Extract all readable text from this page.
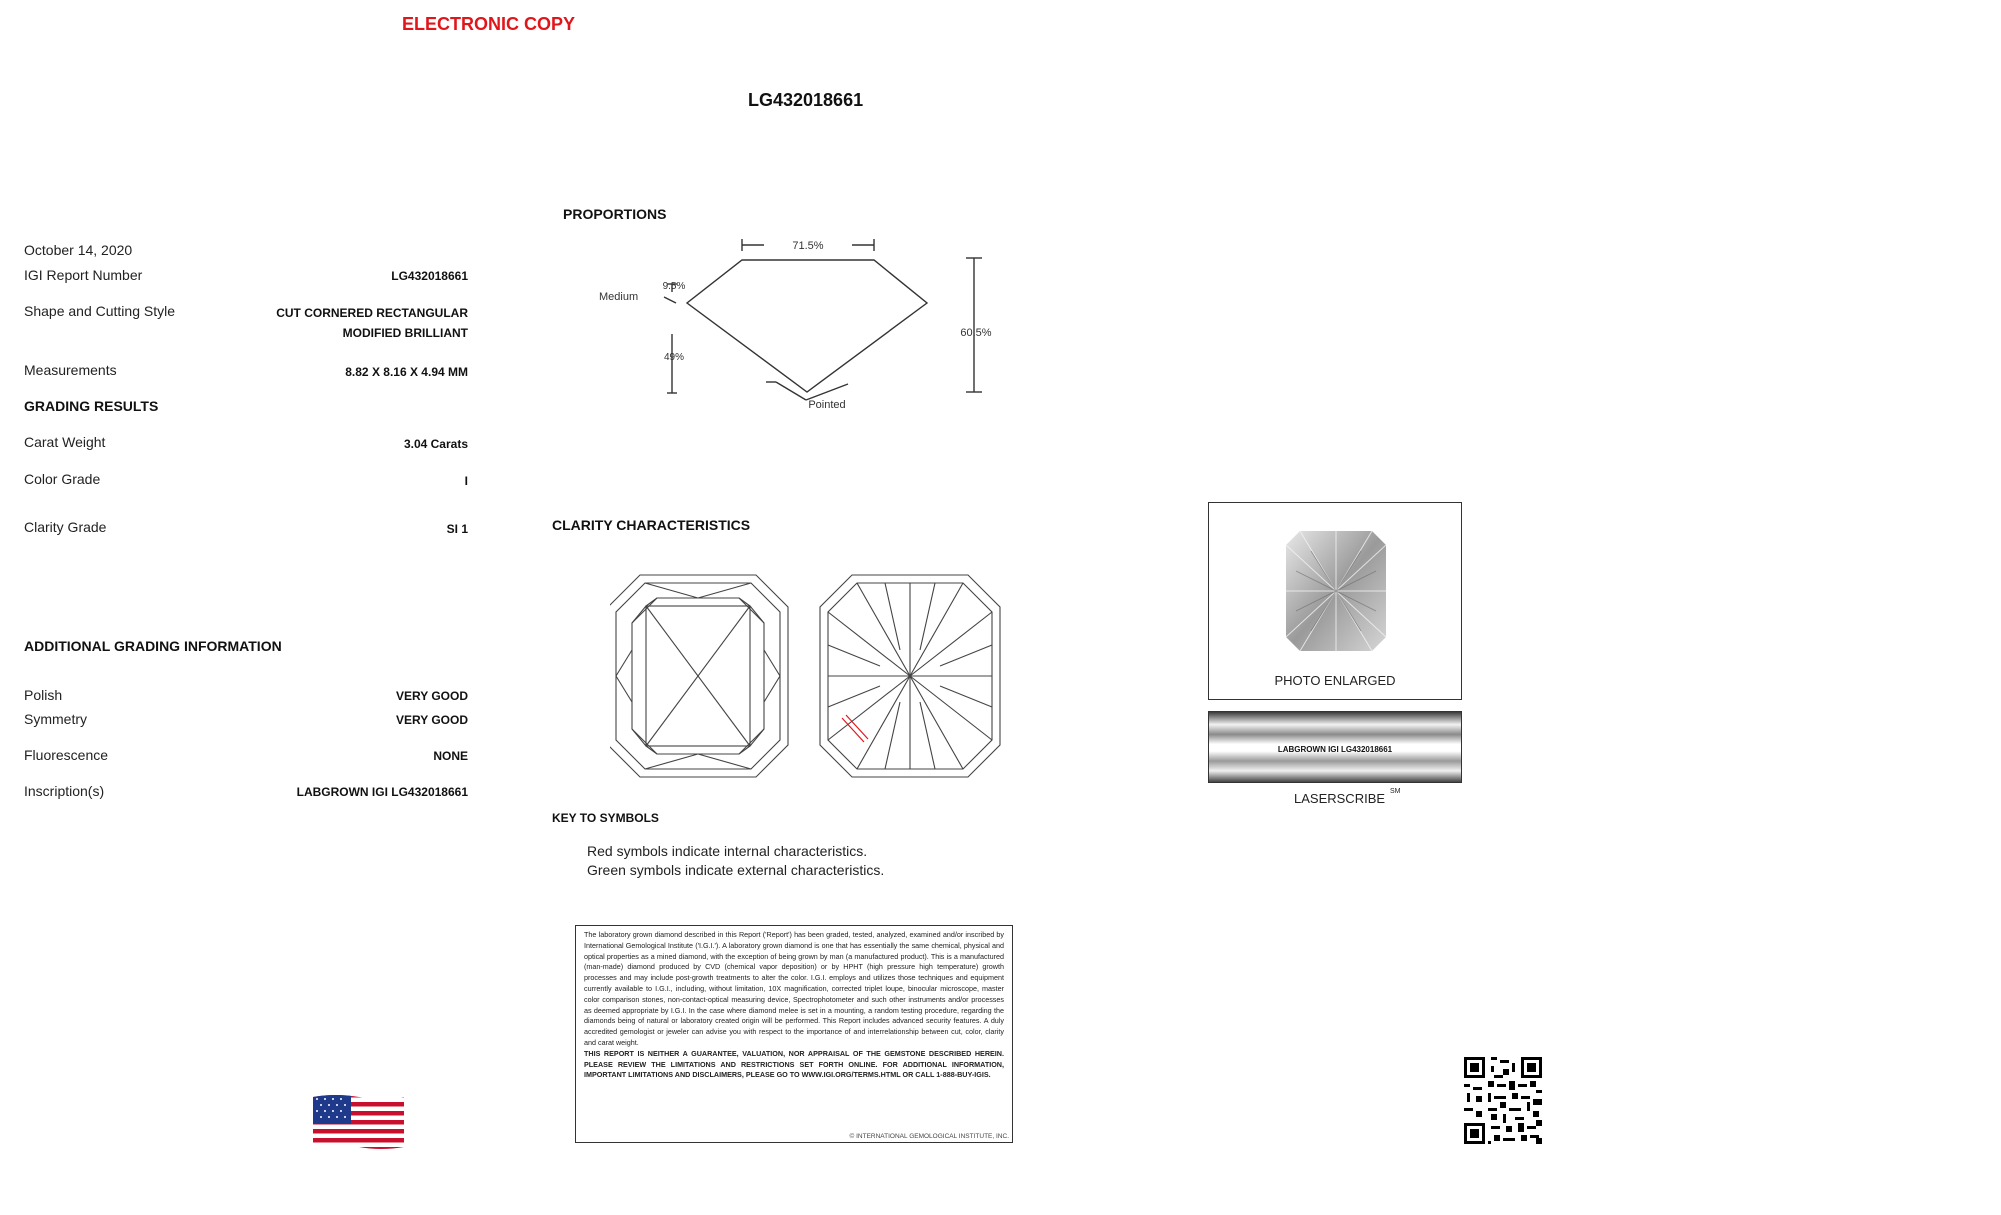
ELECTRONIC COPY
LG432018661
October 14, 2020
IGI Report Number	LG432018661
Shape and Cutting Style	CUT CORNERED RECTANGULAR
MODIFIED BRILLIANT
Measurements	8.82 X 8.16 X 4.94 MM
GRADING RESULTS
Carat Weight	3.04 Carats
Color Grade	I
Clarity Grade	SI 1
ADDITIONAL GRADING INFORMATION
Polish	VERY GOOD
Symmetry	VERY GOOD
Fluorescence	NONE
Inscription(s)	LABGROWN IGI LG432018661
PROPORTIONS
71.5%
9.5%
Medium
49%
60.5%
Pointed
CLARITY CHARACTERISTICS
KEY TO SYMBOLS
Red symbols indicate internal characteristics.
Green symbols indicate external characteristics.

The laboratory grown diamond described in this Report ('Report') has been graded, tested, analyzed, examined and/or inscribed by International Gemological Institute ('I.G.I.'). A laboratory grown diamond is one that has essentially the same chemical, physical and optical properties as a mined diamond, with the exception of being grown by man (a manufactured product). This is a manufactured (man-made) diamond produced by CVD (chemical vapor deposition) or by HPHT (high pressure high temperature) growth processes and may include post-growth treatments to alter the color. I.G.I. employs and utilizes those techniques and equipment currently available to I.G.I., including, without limitation, 10X magnification, corrected triplet loupe, binocular microscope, master color comparison stones, non-contact-optical measuring device, Spectrophotometer and such other instruments and/or processes as deemed appropriate by I.G.I. In the case where diamond melee is set in a mounting, a random testing procedure, regarding the diamonds being of natural or laboratory created origin will be performed. This Report includes advanced security features. A duly accredited gemologist or jeweler can advise you with respect to the importance of and interrelationship between cut, color, clarity and carat weight.

THIS REPORT IS NEITHER A GUARANTEE, VALUATION, NOR APPRAISAL OF THE GEMSTONE DESCRIBED HEREIN. PLEASE REVIEW THE LIMITATIONS AND RESTRICTIONS SET FORTH ONLINE. FOR ADDITIONAL INFORMATION, IMPORTANT LIMITATIONS AND DISCLAIMERS, PLEASE GO TO WWW.IGI.ORG/TERMS.HTML OR CALL 1-888-BUY-IGIS.

© INTERNATIONAL GEMOLOGICAL INSTITUTE, INC.
PHOTO ENLARGED
LABGROWN IGI LG432018661
LASERSCRIBE SM
